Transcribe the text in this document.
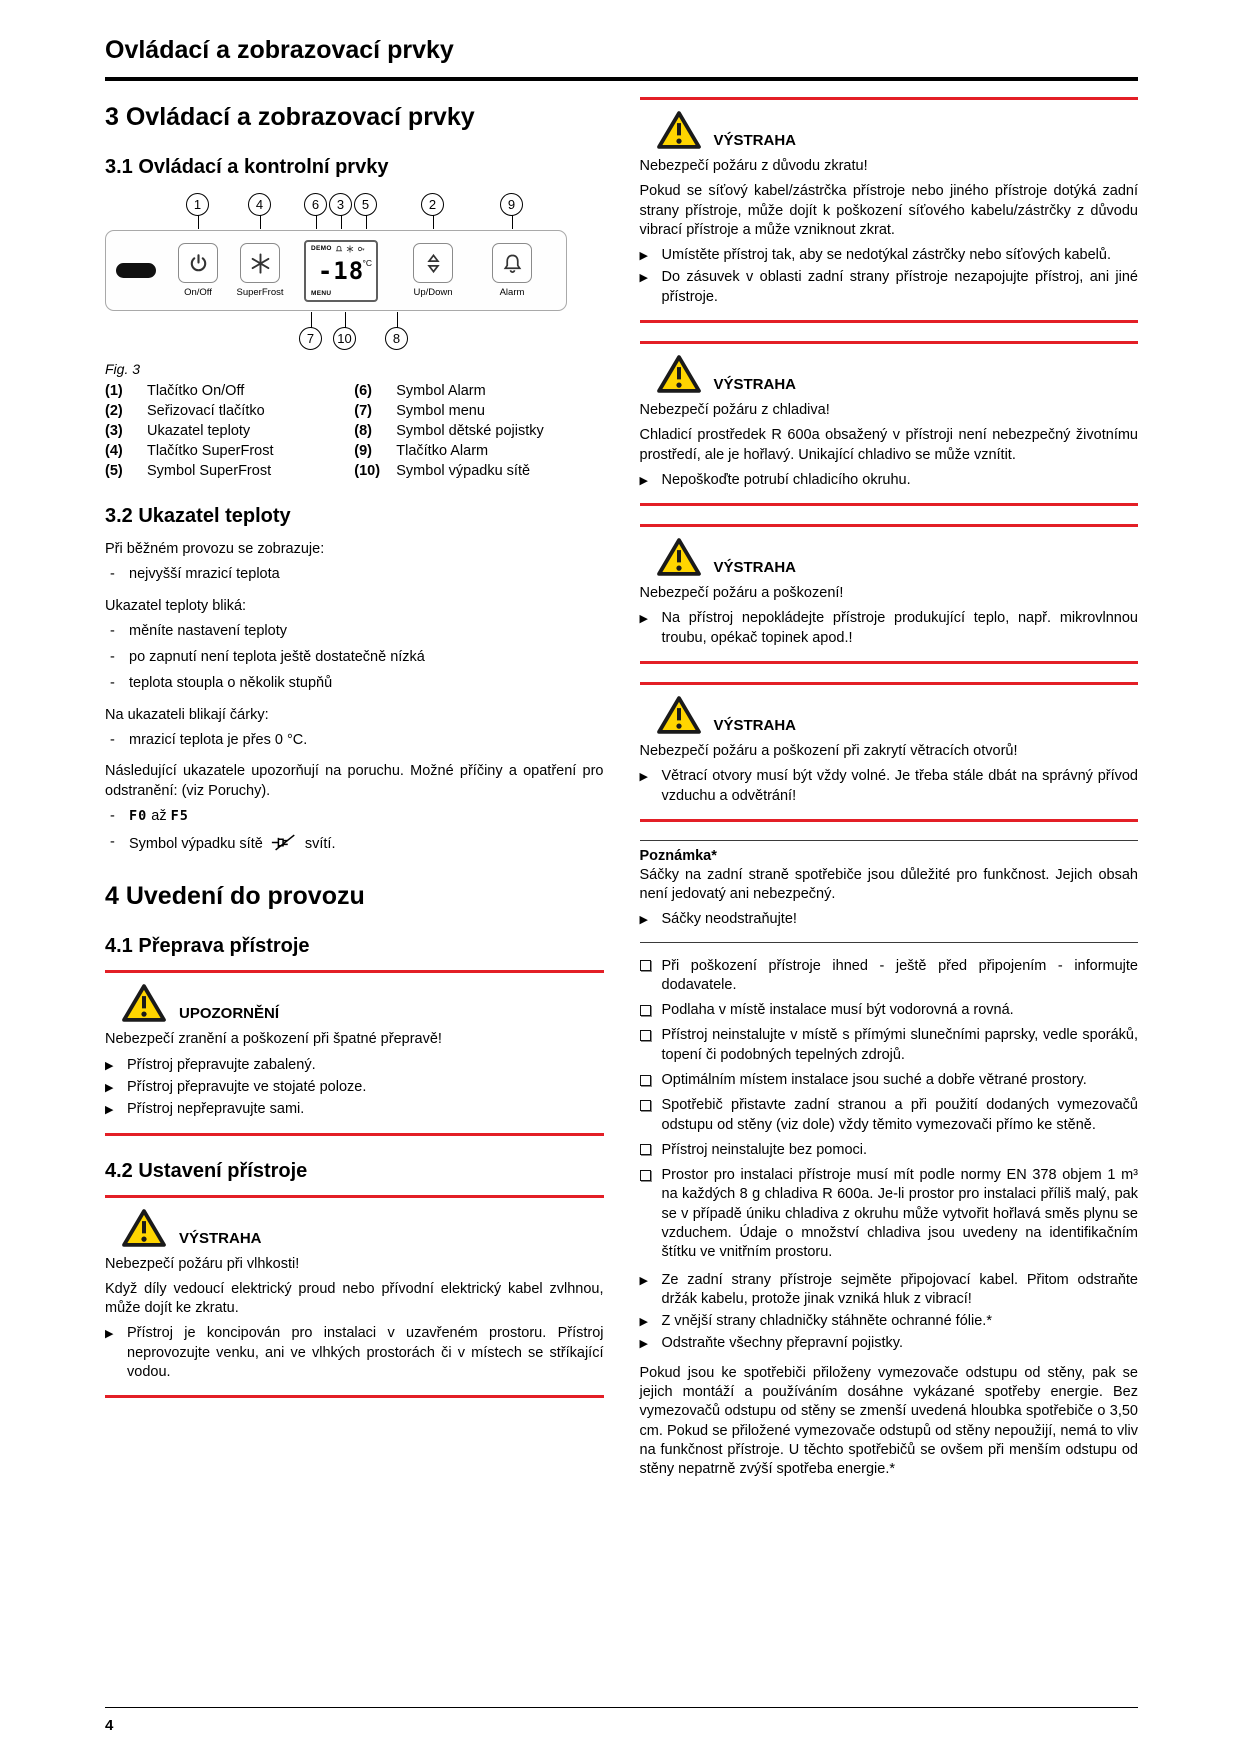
Ovládací a zobrazovací prvky
3 Ovládací a zobrazovací prvky
3.1 Ovládací a kontrolní prvky
1	4	6	3	5	2	9
On/Off	SuperFrost
DEMO
°C
-18
MENU	Up/Down	Alarm
7	10	8
Fig. 3
(1)	Tlačítko On/Off
(2)	Seřizovací tlačítko
(3)	Ukazatel teploty
(4)	Tlačítko SuperFrost
(5)	Symbol SuperFrost
(6)	Symbol Alarm
(7)	Symbol menu
(8)	Symbol dětské pojistky
(9)	Tlačítko Alarm
(10)	Symbol výpadku sítě
3.2 Ukazatel teploty

Při běžném provozu se zobrazuje:

- nejvyšší mrazicí teplota

Ukazatel teploty bliká:

- měníte nastavení teploty
- po zapnutí není teplota ještě dostatečně nízká
- teplota stoupla o několik stupňů

Na ukazateli blikají čárky:

- mrazicí teplota je přes 0 °C.

Následující ukazatele upozorňují na poruchu. Možné příčiny a opatření pro odstranění: (viz Poruchy).

-	F0 až F5
- Symbol výpadku sítě	svítí.
4 Uvedení do provozu
4.1 Přeprava přístroje
UPOZORNĚNÍ

Nebezpečí zranění a poškození při špatné přepravě!

▶ Přístroj přepravujte zabalený.
▶ Přístroj přepravujte ve stojaté poloze.
▶ Přístroj nepřepravujte sami.
4.2 Ustavení přístroje
VÝSTRAHA

Nebezpečí požáru při vlhkosti!

Když díly vedoucí elektrický proud nebo přívodní elektrický kabel zvlhnou, může dojít ke zkratu.

▶ Přístroj je koncipován pro instalaci v uzavřeném prostoru. Přístroj neprovozujte venku, ani ve vlhkých prostorách či v místech se stříkající vodou.
VÝSTRAHA

Nebezpečí požáru z důvodu zkratu!

Pokud se síťový kabel/zástrčka přístroje nebo jiného přístroje dotýká zadní strany přístroje, může dojít k poškození síťového kabelu/zástrčky z důvodu vibrací přístroje a může vzniknout zkrat.

▶ Umístěte přístroj tak, aby se nedotýkal zástrčky nebo síťových kabelů.
▶ Do zásuvek v oblasti zadní strany přístroje nezapojujte přístroj, ani jiné přístroje.
VÝSTRAHA

Nebezpečí požáru z chladiva!

Chladicí prostředek R 600a obsažený v přístroji není nebezpečný životnímu prostředí, ale je hořlavý. Unikající chladivo se může vznítit.

▶ Nepoškoďte potrubí chladicího okruhu.
VÝSTRAHA

Nebezpečí požáru a poškození!

▶ Na přístroj nepokládejte přístroje produkující teplo, např. mikrovlnnou troubu, opékač topinek apod.!
VÝSTRAHA

Nebezpečí požáru a poškození při zakrytí větracích otvorů!

▶ Větrací otvory musí být vždy volné. Je třeba stále dbát na správný přívod vzduchu a odvětrání!
Poznámka*

Sáčky na zadní straně spotřebiče jsou důležité pro funkčnost. Jejich obsah není jedovatý ani nebezpečný.

▶ Sáčky neodstraňujte!
Při poškození přístroje ihned - ještě před připojením - informujte dodavatele.
Podlaha v místě instalace musí být vodorovná a rovná.
Přístroj neinstalujte v místě s přímými slunečními paprsky, vedle sporáků, topení či podobných tepelných zdrojů.
Optimálním místem instalace jsou suché a dobře větrané prostory.
Spotřebič přistavte zadní stranou a při použití dodaných vymezovačů odstupu od stěny (viz dole) vždy těmito vymezovači přímo ke stěně.
Přístroj neinstalujte bez pomoci.
Prostor pro instalaci přístroje musí mít podle normy EN 378 objem 1 m³ na každých 8 g chladiva R 600a. Je-li prostor pro instalaci příliš malý, pak se v případě úniku chladiva z okruhu může vytvořit hořlavá směs plynu se vzduchem. Údaje o množství chladiva jsou uvedeny na identifikačním štítku ve vnitřním prostoru.
▶ Ze zadní strany přístroje sejměte připojovací kabel. Přitom odstraňte držák kabelu, protože jinak vzniká hluk z vibrací!
▶ Z vnější strany chladničky stáhněte ochranné fólie.*
▶ Odstraňte všechny přepravní pojistky.

Pokud jsou ke spotřebiči přiloženy vymezovače odstupu od stěny, pak se jejich montáží a používáním dosáhne vykázané spotřeby energie. Bez vymezovačů odstupu od stěny se zmenší uvedená hloubka spotřebiče o 3,50 cm. Pokud se přiložené vymezovače odstupů od stěny nepoužijí, nemá to vliv na funkčnost přístroje. U těchto spotřebičů se ovšem při menším odstupu od stěny nepatrně zvýší spotřeba energie.*

4
